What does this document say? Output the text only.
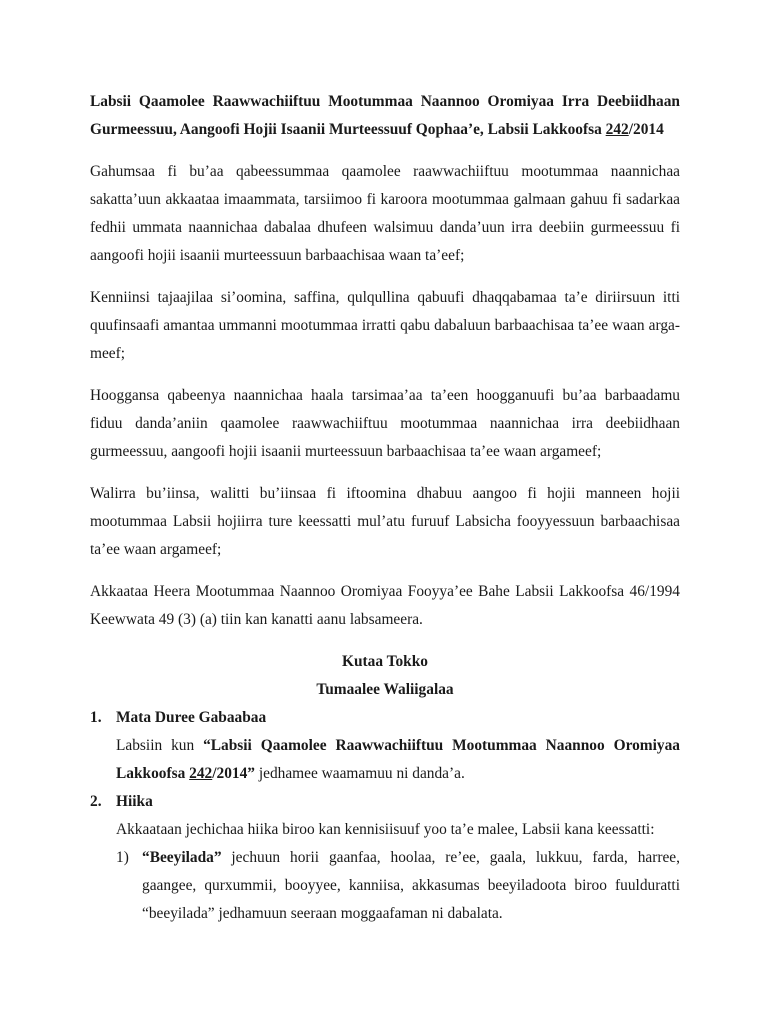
Labsii Qaamolee Raawwachiiftuu Mootummaa Naannoo Oromiyaa Irra Deebiidhaan Gurmeessuu, Aangoofi Hojii Isaanii Murteessuuf Qophaa’e, Labsii Lakkoofsa 242/2014

Gahumsaa fi bu’aa qabeessummaa qaamolee raawwachiiftuu mootummaa naannichaa sakatta’uun akkaataa imaammata, tarsiimoo fi karoora mootummaa galmaan gahuu fi sadarkaa fedhii ummata naannichaa dabalaa dhufeen walsimuu danda’uun irra deebiin gurmeessuu fi aangoofi hojii isaanii murteessuun barbaachisaa waan ta’eef;

Kenniinsi tajaajilaa si’oomina, saffina, qulqullina qabuufi dhaqqabamaa ta’e diriirsuun itti quufinsaafi amantaa ummanni mootummaa irratti qabu dabaluun barbaachisaa ta’ee waan arga-meef;

Hooggansa qabeenya naannichaa haala tarsimaa’aa ta’een hoogganuufi bu’aa barbaadamu fiduu danda’aniin qaamolee raawwachiiftuu mootummaa naannichaa irra deebiidhaan gurmeessuu, aangoofi hojii isaanii murteessuun barbaachisaa ta’ee waan argameef;

Walirra bu’iinsa, walitti bu’iinsaa fi iftoomina dhabuu aangoo fi hojii manneen hojii mootummaa Labsii hojiirra ture keessatti mul’atu furuuf Labsicha fooyyessuun barbaachisaa ta’ee waan argameef;

Akkaataa Heera Mootummaa Naannoo Oromiyaa Fooyya’ee Bahe Labsii Lakkoofsa 46/1994 Keewwata 49 (3) (a) tiin kan kanatti aanu labsameera.

Kutaa Tokko

Tumaalee Waliigalaa

1. Mata Duree Gabaabaa

Labsiin kun “Labsii Qaamolee Raawwachiiftuu Mootummaa Naannoo Oromiyaa Lakkoofsa 242/2014” jedhamee waamamuu ni danda’a.

2. Hiika

Akkaataan jechichaa hiika biroo kan kennisiisuuf yoo ta’e malee, Labsii kana keessatti:

1) “Beeyilada” jechuun horii gaanfaa, hoolaa, re’ee, gaala, lukkuu, farda, harree, gaangee, qurxummii, booyyee, kanniisa, akkasumas beeyiladoota biroo fuulduratti “beeyilada” jedhamuun seeraan moggaafaman ni dabalata.
